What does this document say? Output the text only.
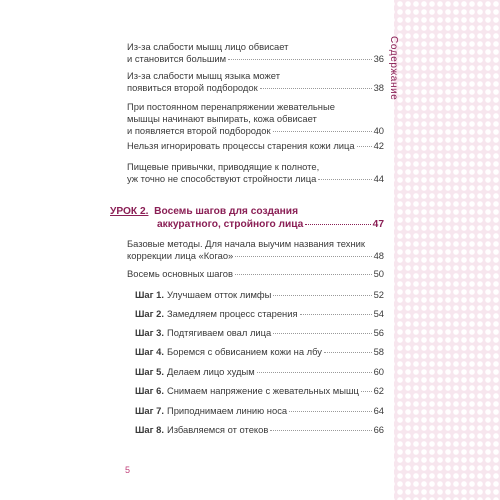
Содержание
Из-за слабости мышц лицо обвисает
и становится большим	36
Из-за слабости мышц языка может
появиться второй подбородок	38
При постоянном перенапряжении жевательные
мышцы начинают выпирать, кожа обвисает
и появляется второй подбородок	40
Нельзя игнорировать процессы старения кожи лица 42
Пищевые привычки, приводящие к полноте,
уж точно не способствуют стройности лица	44
УРОК 2.
Восемь шагов для создания
аккуратного, стройного лица	47
Базовые методы. Для начала выучим названия техник
коррекции лица «Когао»	48
Восемь основных шагов	50
Шаг 1. Улучшаем отток лимфы	52
Шаг 2. Замедляем процесс старения	54
Шаг 3. Подтягиваем овал лица	56
Шаг 4. Боремся с обвисанием кожи на лбу	58
Шаг 5. Делаем лицо худым	60
Шаг 6. Снимаем напряжение с жевательных мышц 62
Шаг 7. Приподнимаем линию носа	64
Шаг 8. Избавляемся от отеков	66
5
